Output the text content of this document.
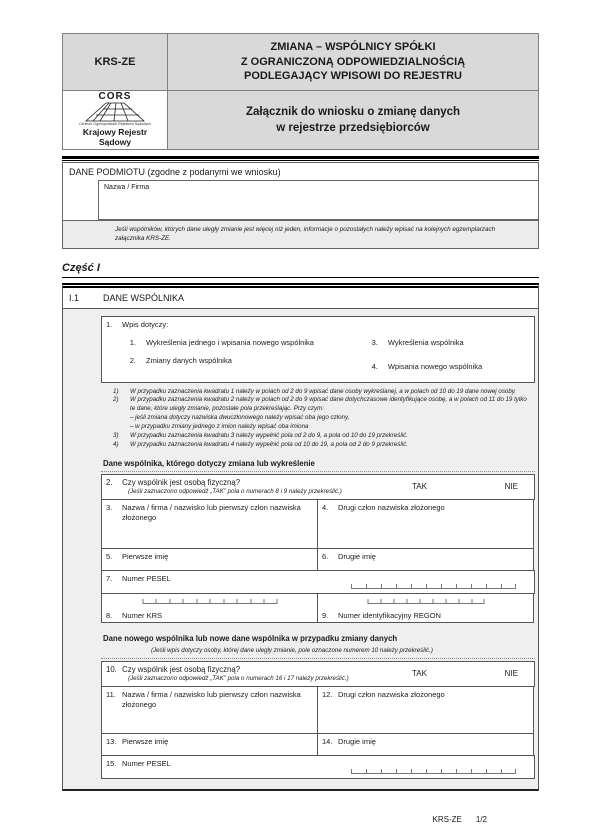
KRS-ZE
ZMIANA – WSPÓLNICY SPÓŁKI
Z OGRANICZONĄ ODPOWIEDZIALNOŚCIĄ
PODLEGAJĄCY WPISOWI DO REJESTRU
CORS
Centrum Ogólnopolskich Rejestrów Sądowych
Krajowy Rejestr
Sądowy
Załącznik do wniosku o zmianę danych
w rejestrze przedsiębiorców
DANE PODMIOTU (zgodne z podanymi we wniosku)
Nazwa / Firma
Jeśli wspólników, których dane uległy zmianie jest więcej niż jeden, informacje o pozostałych należy wpisać na kolejnych egzemplarzach załącznika KRS-ZE.
Część I
I.1	DANE WSPÓLNIKA
1.	Wpis dotyczy:
1.	Wykreślenia jednego i wpisania nowego wspólnika
2.	Zmiany danych wspólnika
3.	Wykreślenia wspólnika
4.	Wpisania nowego wspólnika
1)	W przypadku zaznaczenia kwadratu 1 należy w polach od 2 do 9 wpisać dane osoby wykreślanej, a w polach od 10 do 19 dane nowej osoby.
2)	W przypadku zaznaczenia kwadratu 2 należy w polach od 2 do 9 wpisać dane dotychczasowe identyfikujące osobę, a w polach od 11 do 19 tylko te dane, które uległy zmianie, pozostałe pola przekreślając. Przy czym:
– jeśli zmiana dotyczy nazwiska dwuczłonowego należy wpisać oba jego człony,
– w przypadku zmiany jednego z imion należy wpisać oba imiona
3)	W przypadku zaznaczenia kwadratu 3 należy wypełnić pola od 2 do 9, a pola od 10 do 19 przekreślić.
4)	W przypadku zaznaczenia kwadratu 4 należy wypełnić pola od 10 do 19, a pola od 2 do 9 przekreślić.
Dane wspólnika, którego dotyczy zmiana lub wykreślenie
2. Czy wspólnik jest osobą fizyczną?
(Jeśli zaznaczono odpowiedź „TAK” pola o numerach 8 i 9 należy przekreślić.)
TAK	NIE
3.	Nazwa / firma / nazwisko lub pierwszy człon nazwiska złożonego
4.	Drugi człon nazwiska złożonego
5.	Pierwsze imię	6.	Drugie imię
7.	Numer PESEL
8.	Numer KRS	9.	Numer identyfikacyjny REGON
Dane nowego wspólnika lub nowe dane wspólnika w przypadku zmiany danych
(Jeśli wpis dotyczy osoby, której dane uległy zmianie, pole oznaczone numerem 10 należy przekreślić.)
10. Czy wspólnik jest osobą fizyczną?
(Jeśli zaznaczono odpowiedź „TAK” pola o numerach 16 i 17 należy przekreślić.)
TAK	NIE
11. Nazwa / firma / nazwisko lub pierwszy człon nazwiska złożonego
12. Drugi człon nazwiska złożonego
13. Pierwsze imię	14. Drugie imię
15. Numer PESEL
KRS-ZE 1/2
